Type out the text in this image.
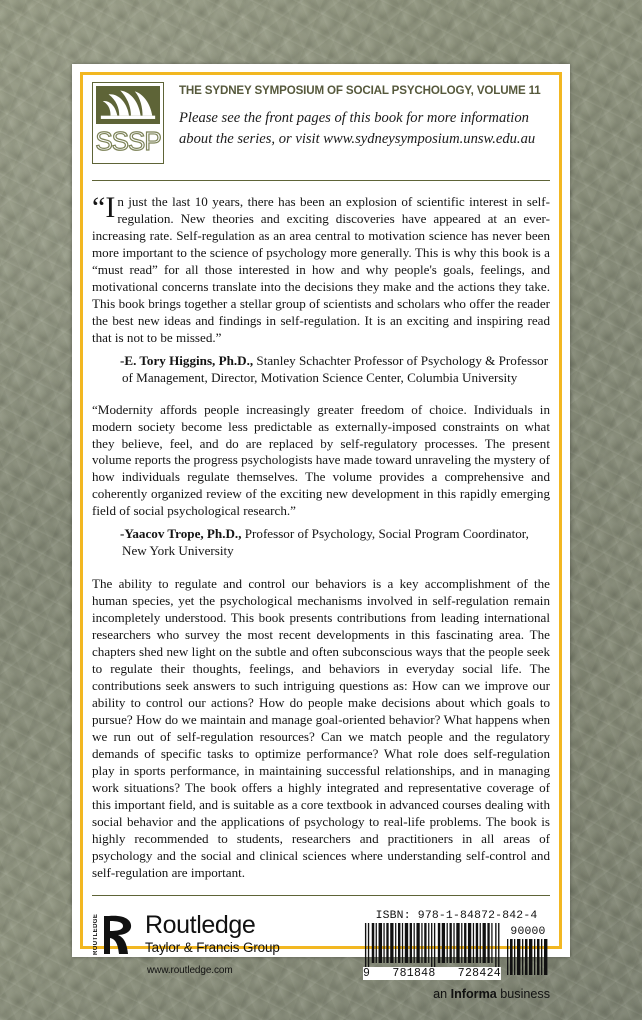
SSSP
THE SYDNEY SYMPOSIUM OF SOCIAL PSYCHOLOGY, VOLUME 11
Please see the front pages of this book for more information about the series, or visit www.sydneysymposium.unsw.edu.au

“In just the last 10 years, there has been an explosion of scientific interest in self-regulation. New theories and exciting discoveries have appeared at an ever-increasing rate. Self-regulation as an area central to motivation science has never been more important to the science of psychology more generally. This is why this book is a “must read” for all those interested in how and why people's goals, feelings, and motivational concerns translate into the decisions they make and the actions they take. This book brings together a stellar group of scientists and scholars who offer the reader the best new ideas and findings in self-regulation. It is an exciting and inspiring read that is not to be missed.”

-E. Tory Higgins, Ph.D., Stanley Schachter Professor of Psychology & Professor of Management, Director, Motivation Science Center, Columbia University

“Modernity affords people increasingly greater freedom of choice. Individuals in modern society become less predictable as externally-imposed constraints on what they believe, feel, and do are replaced by self-regulatory processes. The present volume reports the progress psychologists have made toward unraveling the mystery of how individuals regulate themselves. The volume provides a comprehensive and coherently organized review of the exciting new development in this rapidly emerging field of social psychological research.”

-Yaacov Trope, Ph.D., Professor of Psychology, Social Program Coordinator, New York University

The ability to regulate and control our behaviors is a key accomplishment of the human species, yet the psychological mechanisms involved in self-regulation remain incompletely understood. This book presents contributions from leading international researchers who survey the most recent developments in this fascinating area. The chapters shed new light on the subtle and often subconscious ways that the people seek to regulate their thoughts, feelings, and behaviors in everyday social life. The contributions seek answers to such intriguing questions as: How can we improve our ability to control our actions? How do people make decisions about which goals to pursue? How do we maintain and manage goal-oriented behavior? What happens when we run out of self-regulation resources? Can we match people and the regulatory demands of specific tasks to optimize performance? What role does self-regulation play in sports performance, in maintaining successful relationships, and in managing work situations? The book offers a highly integrated and representative coverage of this important field, and is suitable as a core textbook in advanced courses dealing with social behavior and the applications of psychology to real-life problems. The book is highly recommended to students, researchers and practitioners in all areas of psychology and the social and clinical sciences where understanding self-control and self-regulation are important.

ROUTLEDGE Routledge
Taylor & Francis Group
www.routledge.com
ISBN: 978-1-84872-842-4
9 781848 728424
90000
an Informa business
